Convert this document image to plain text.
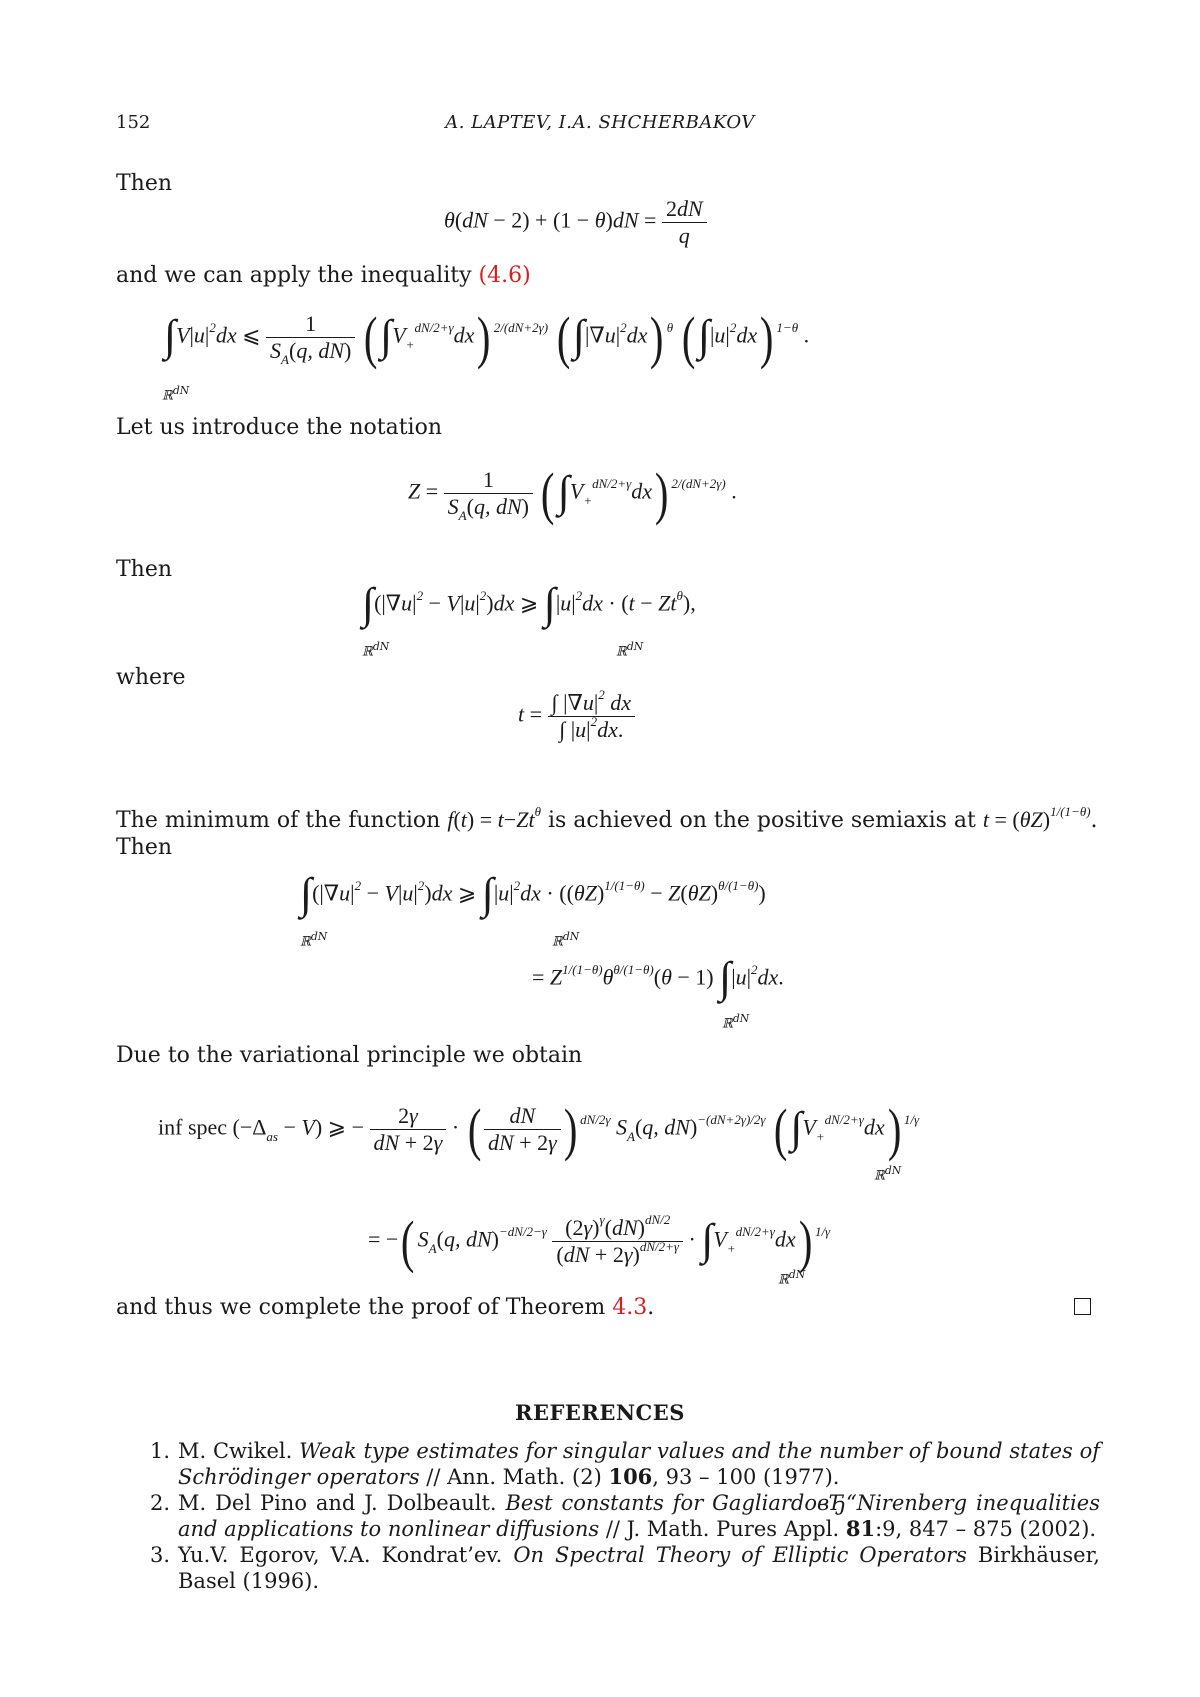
152	A. LAPTEV, I.A. SHCHERBAKOV
Then
$\theta(dN - 2) + (1 - \theta)dN = \frac{2dN}{q}$
and we can apply the inequality (4.6)
$\int V|u|^2dx$ ⩽ $\frac{1}{S_A(q, dN)} (\int V_+^{dN/2+\gamma}dx)$ $^{2/(dN+2\gamma)}$ $(\int|\nabla u|^2dx)$ $^\theta$ $(\int|u|^2dx)$ $^{1-\theta}$ .
ℝ$^{dN}$
Let us introduce the notation
$Z = \frac{1}{S_A(q, dN)} (\int V_+^{dN/2+\gamma}dx)$ $^{2/(dN+2\gamma)}$ .
Then
$\int(|\nabla u|^2 - V|u|^2)dx$ ⩾ $\int|u|^2dx \cdot (t - Zt^\theta)$,
ℝ$^{dN}$	ℝ$^{dN}$
where
$t = \frac{\int |\nabla u|^2 dx}{\int |u|^2dx.}$
The minimum of the function $f(t) = t-Zt^\theta$ is achieved on the positive semiaxis at $t = (\theta Z)^{1/(1-\theta)}$.
Then
$\int(|\nabla u|^2 - V|u|^2)dx$ ⩾ $\int|u|^2dx \cdot ((\theta Z)^{1/(1-\theta)} - Z(\theta Z)^{\theta/(1-\theta)})$
ℝ$^{dN}$	ℝ$^{dN}$
= $Z^{1/(1-\theta)}\theta^{\theta/(1-\theta)}(\theta - 1)$ $\int|u|^2dx$.
ℝ$^{dN}$
Due to the variational principle we obtain
inf spec $(-\Delta_{as} - V)$ ⩾ − $\frac{2\gamma}{dN + 2\gamma}$ · ( $\frac{dN}{dN + 2\gamma}$ ) $^{dN/2\gamma}$ $S_A(q$, dN)$^{-(dN+2\gamma)/2\gamma}$ $(\int V_+^{dN/2+\gamma}dx)$ $^{1/\gamma}$
ℝ$^{dN}$
= −( $S_A(q$, $dN)^{-dN/2-\gamma} \frac{(2\gamma)^\gamma(dN)^{dN/2}}{(dN + 2\gamma)^{dN/2+\gamma}} \cdot \int V_+^{dN/2+\gamma}dx$) $^{1/\gamma}$
ℝ$^{dN}$
and thus we complete the proof of Theorem 4.3.
REFERENCES
1. M. Cwikel. Weak type estimates for singular values and the number of bound states of Schrödinger operators // Ann. Math. (2) 106, 93 – 100 (1977).
2. M. Del Pino and J. Dolbeault. Best constants for GagliardoвЂ“Nirenberg inequalities and applications to nonlinear diffusions // J. Math. Pures Appl. 81:9, 847 – 875 (2002).
3. Yu.V. Egorov, V.A. Kondrat’ev. On Spectral Theory of Elliptic Operators Birkhäuser, Basel (1996).
